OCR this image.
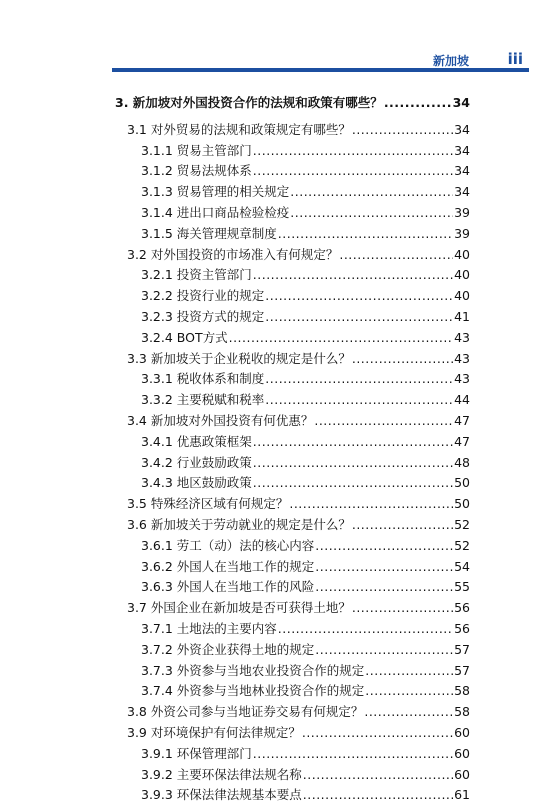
新加坡	iii
3. 新加坡对外国投资合作的法规和政策有哪些？ .....	34
3.1 对外贸易的法规和政策规定有哪些？ .....	34
3.1.1 贸易主管部门 .....	34
3.1.2 贸易法规体系 .....	34
3.1.3 贸易管理的相关规定 .....	34
3.1.4 进出口商品检验检疫 .....	39
3.1.5 海关管理规章制度 .....	39
3.2 对外国投资的市场准入有何规定？ .....	40
3.2.1 投资主管部门 .....	40
3.2.2 投资行业的规定 .....	40
3.2.3 投资方式的规定 .....	41
3.2.4 BOT方式 .....	43
3.3 新加坡关于企业税收的规定是什么？ .....	43
3.3.1 税收体系和制度 .....	43
3.3.2 主要税赋和税率 .....	44
3.4 新加坡对外国投资有何优惠？ .....	47
3.4.1 优惠政策框架 .....	47
3.4.2 行业鼓励政策 .....	48
3.4.3 地区鼓励政策 .....	50
3.5 特殊经济区域有何规定？ .....	50
3.6 新加坡关于劳动就业的规定是什么？ .....	52
3.6.1 劳工（动）法的核心内容 .....	52
3.6.2 外国人在当地工作的规定 .....	54
3.6.3 外国人在当地工作的风险 .....	55
3.7 外国企业在新加坡是否可获得土地？ .....	56
3.7.1 土地法的主要内容 .....	56
3.7.2 外资企业获得土地的规定 .....	57
3.7.3 外资参与当地农业投资合作的规定 .....	57
3.7.4 外资参与当地林业投资合作的规定 .....	58
3.8 外资公司参与当地证券交易有何规定？ .....	58
3.9 对环境保护有何法律规定？ .....	60
3.9.1 环保管理部门 .....	60
3.9.2 主要环保法律法规名称 .....	60
3.9.3 环保法律法规基本要点 .....	61
